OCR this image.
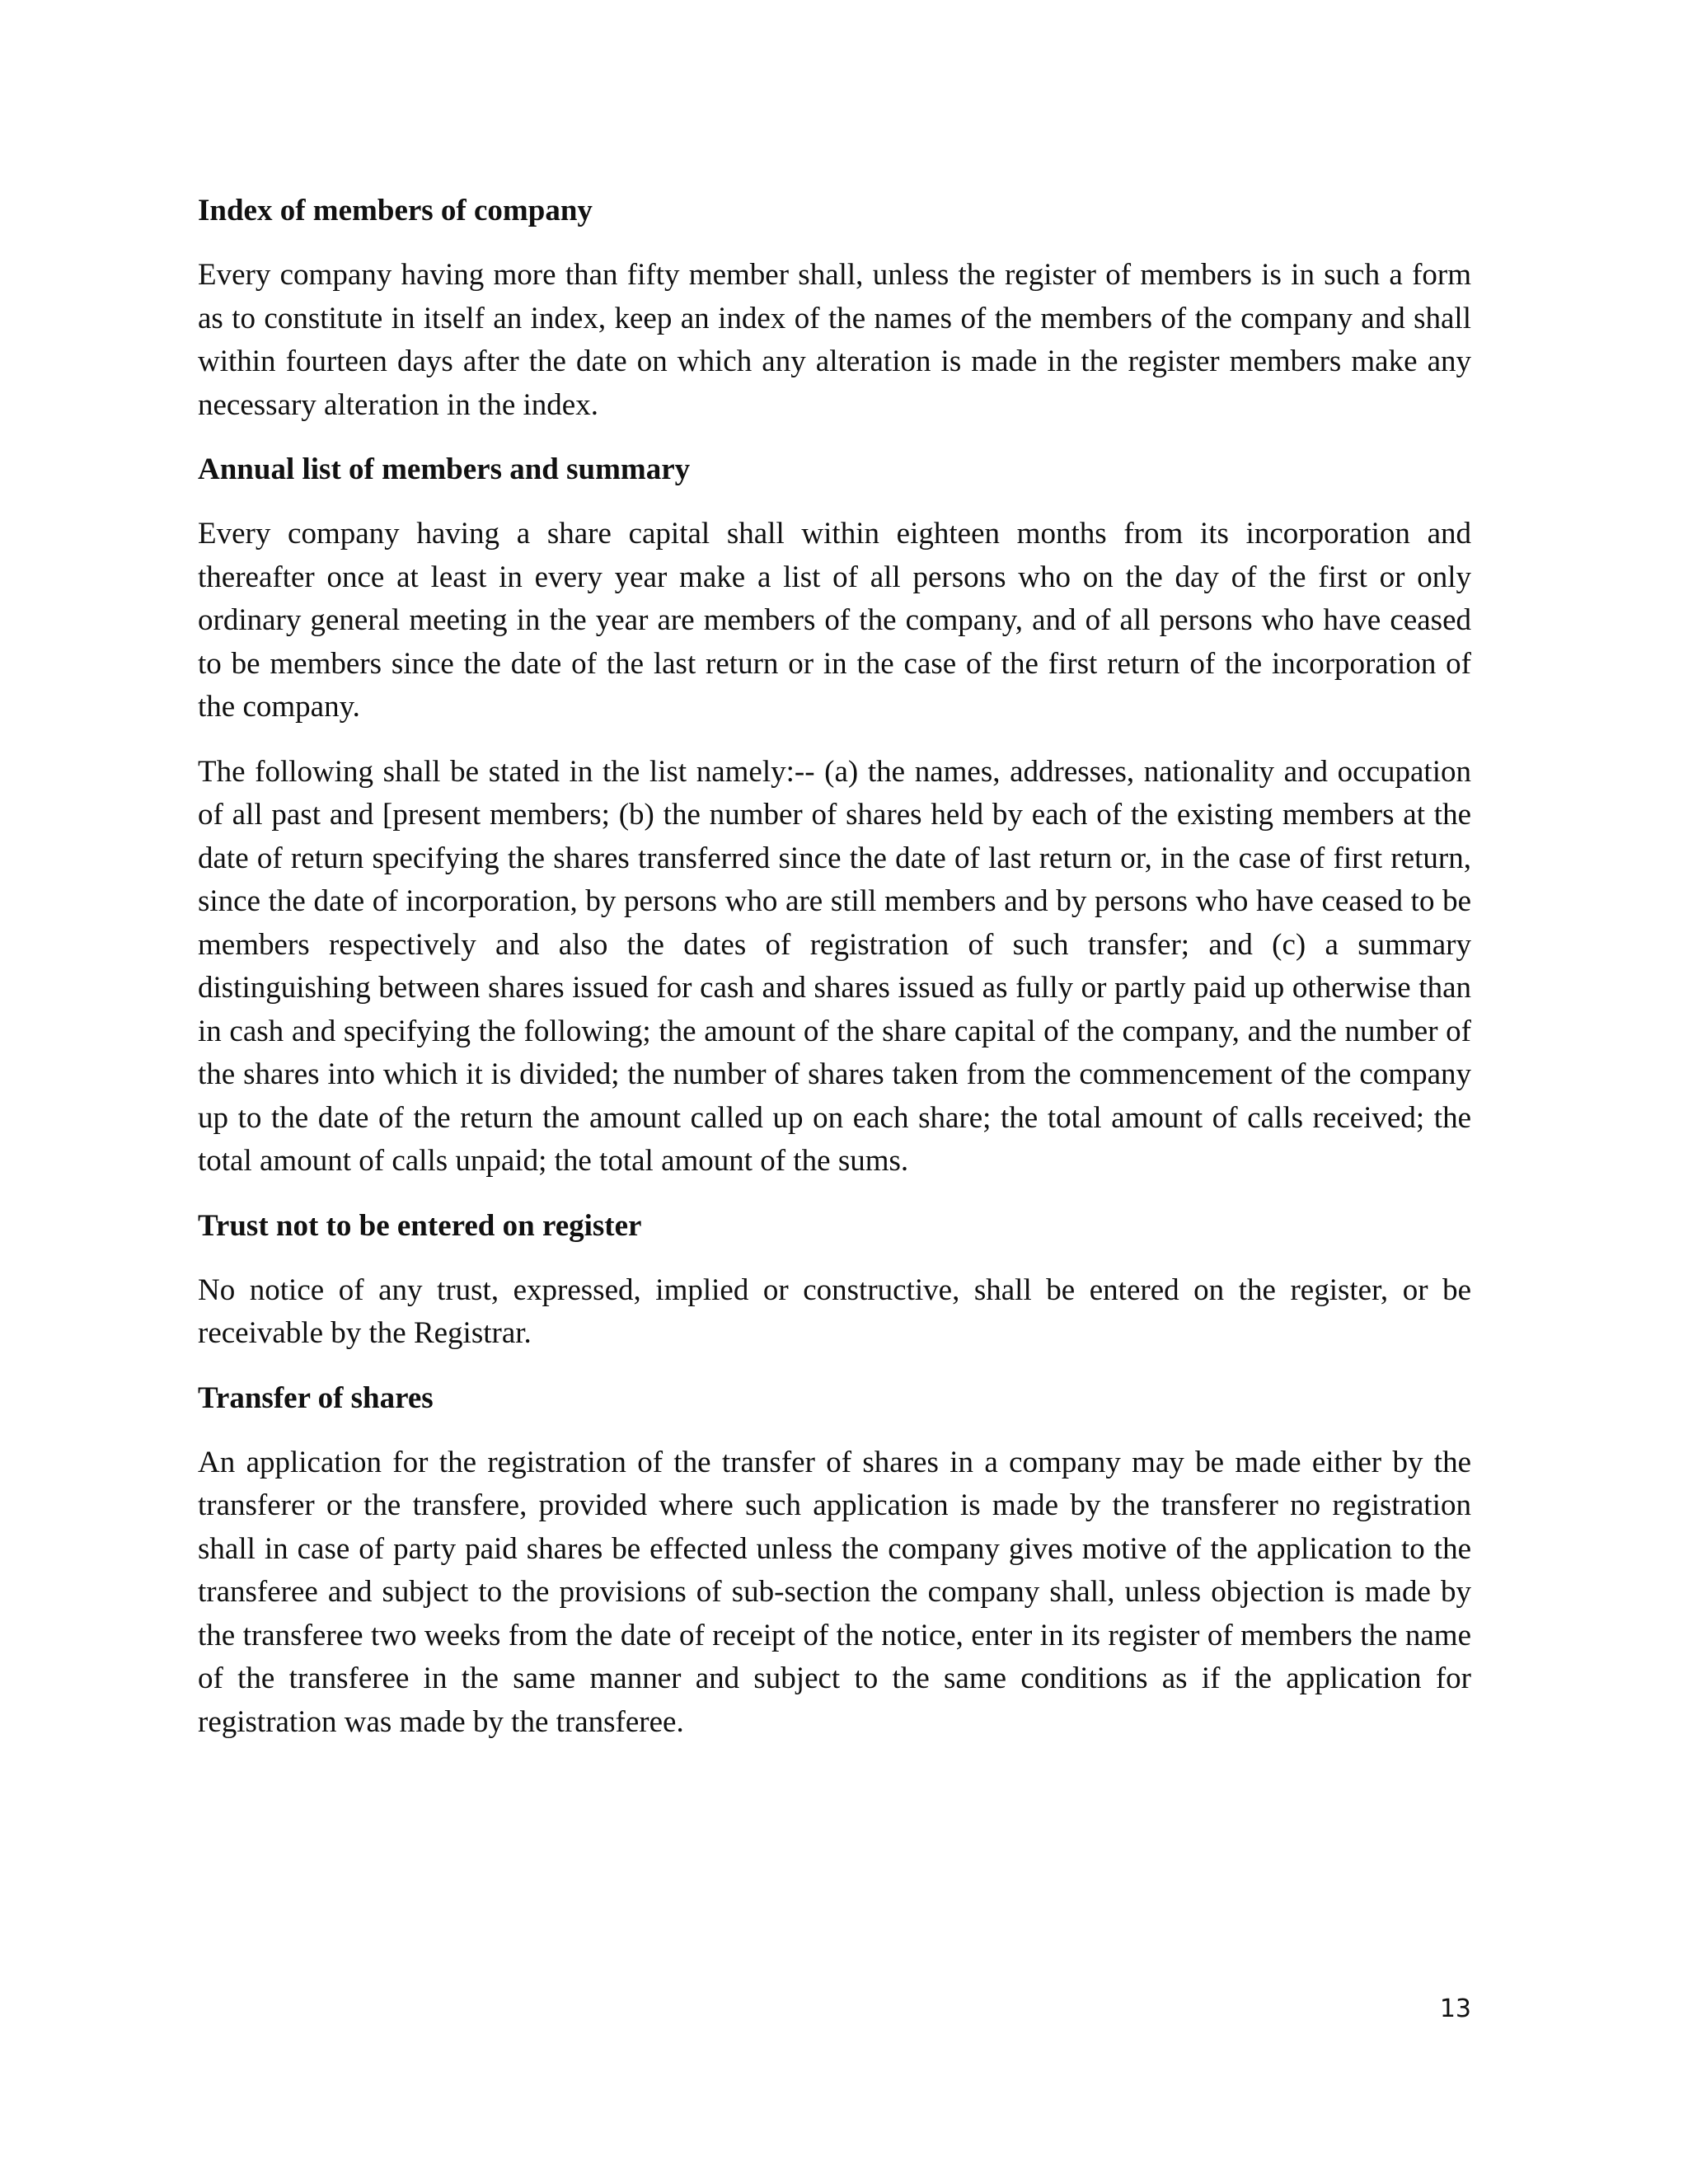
Index of members of company

Every company having more than fifty member shall, unless the register of members is in such a form as to constitute in itself an index, keep an index of the names of the members of the company and shall within fourteen days after the date on which any alteration is made in the register members make any necessary alteration in the index.

Annual list of members and summary

Every company having a share capital shall within eighteen months from its incorporation and thereafter once at least in every year make a list of all persons who on the day of the first or only ordinary general meeting in the year are members of the company, and of all persons who have ceased to be members since the date of the last return or in the case of the first return of the incorporation of the company.

The following shall be stated in the list namely:-- (a) the names, addresses, nationality and occupation of all past and [present members; (b) the number of shares held by each of the existing members at the date of return specifying the shares transferred since the date of last return or, in the case of first return, since the date of incorporation, by persons who are still members and by persons who have ceased to be members respectively and also the dates of registration of such transfer; and (c) a summary distinguishing between shares issued for cash and shares issued as fully or partly paid up otherwise than in cash and specifying the following; the amount of the share capital of the company, and the number of the shares into which it is divided; the number of shares taken from the commencement of the company up to the date of the return the amount called up on each share; the total amount of calls received; the total amount of calls unpaid; the total amount of the sums.

Trust not to be entered on register

No notice of any trust, expressed, implied or constructive, shall be entered on the register, or be receivable by the Registrar.

Transfer of shares

An application for the registration of the transfer of shares in a company may be made either by the transferer or the transfere, provided where such application is made by the transferer no registration shall in case of party paid shares be effected unless the company gives motive of the application to the transferee and subject to the provisions of sub-section the company shall, unless objection is made by the transferee two weeks from the date of receipt of the notice, enter in its register of members the name of the transferee in the same manner and subject to the same conditions as if the application for registration was made by the transferee.

13
